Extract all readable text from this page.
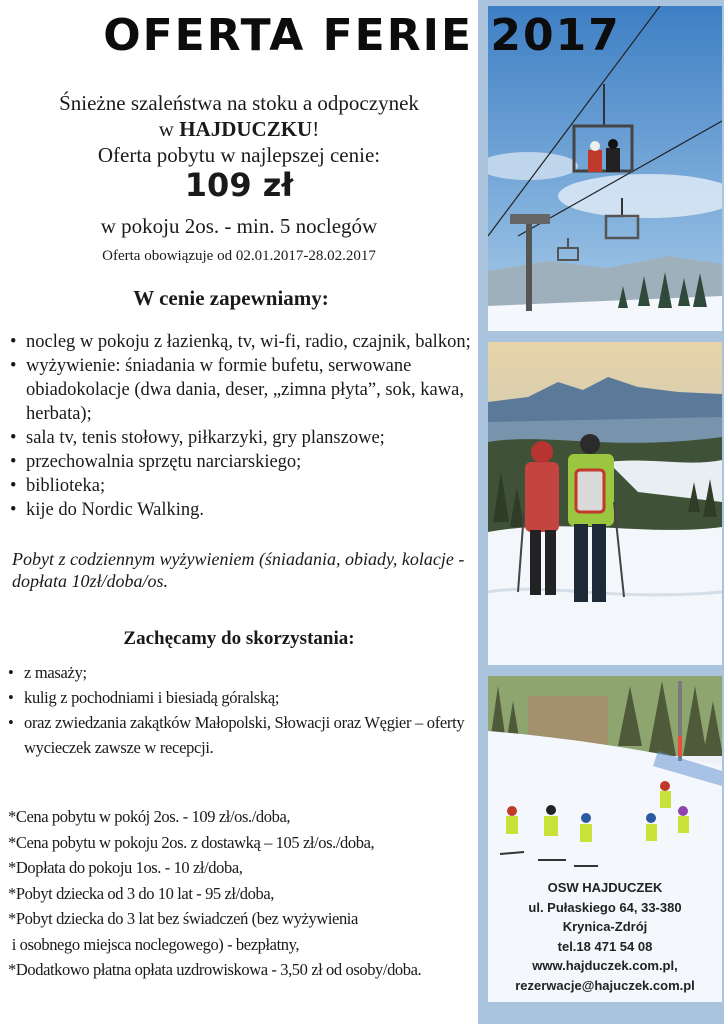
OFERTA FERIE 2017
Śnieżne szaleństwa na stoku a odpoczynek
w HAJDUCZKU!
Oferta pobytu w najlepszej cenie:
109 zł
w pokoju 2os. - min. 5 noclegów
Oferta obowiązuje od 02.01.2017-28.02.2017
W cenie zapewniamy:
• nocleg w pokoju z łazienką, tv, wi-fi, radio, czajnik, balkon;
• wyżywienie: śniadania w formie bufetu, serwowane obiadokolacje (dwa dania, deser, „zimna płyta”, sok, kawa, herbata);
• sala tv, tenis stołowy, piłkarzyki, gry planszowe;
• przechowalnia sprzętu narciarskiego;
• biblioteka;
• kije do Nordic Walking.
Pobyt z codziennym wyżywieniem (śniadania, obiady, kolacje - dopłata 10zł/doba/os.
Zachęcamy do skorzystania:
• z masaży;
• kulig z pochodniami i biesiadą góralską;
• oraz zwiedzania zakątków Małopolski, Słowacji oraz Węgier – oferty wycieczek zawsze w recepcji.
*Cena pobytu w pokój 2os. - 109 zł/os./doba,
*Cena pobytu w pokoju 2os. z dostawką – 105 zł/os./doba,
*Dopłata do pokoju 1os. - 10 zł/doba,
*Pobyt dziecka od 3 do 10 lat - 95 zł/doba,
*Pobyt dziecka do 3 lat bez świadczeń (bez wyżywienia
i osobnego miejsca noclegowego) - bezpłatny,
*Dodatkowo płatna opłata uzdrowiskowa - 3,50 zł od osoby/doba.
OSW HAJDUCZEK
ul. Pułaskiego 64, 33-380
Krynica-Zdrój
tel.18 471 54 08
www.hajduczek.com.pl,
rezerwacje@hajuczek.com.pl
